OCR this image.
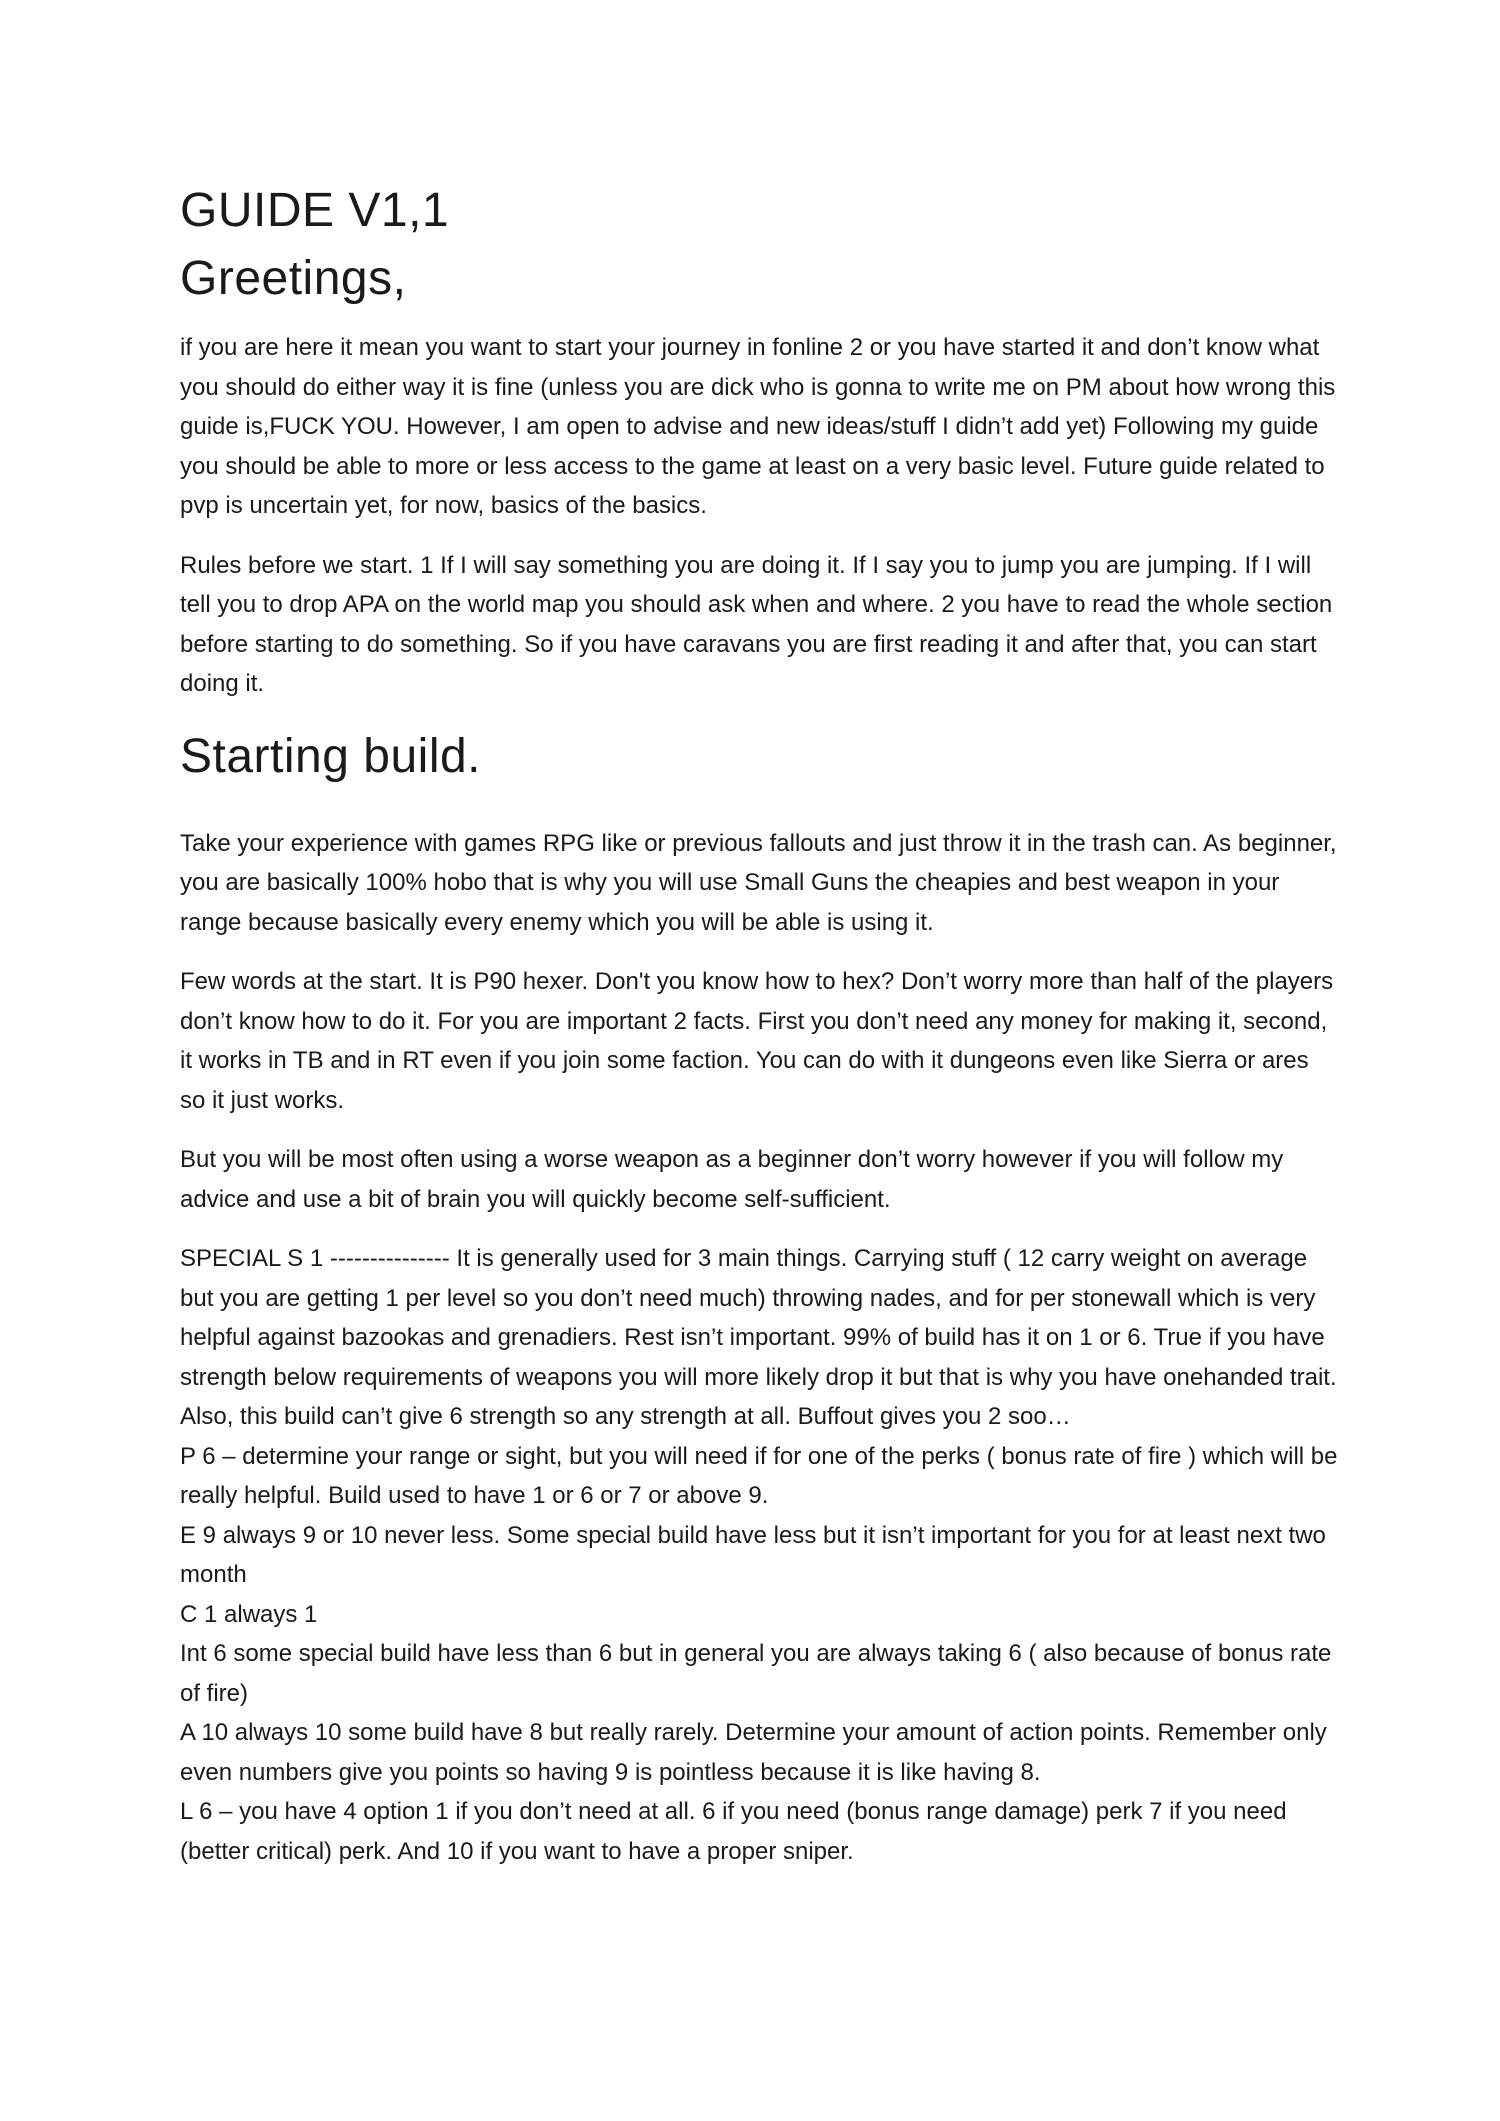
GUIDE V1,1
Greetings,

if you are here it mean you want to start your journey in fonline 2 or you have started it and don’t know what you should do either way it is fine (unless you are dick who is gonna to write me on PM about how wrong this guide is,FUCK YOU. However, I am open to advise and new ideas/stuff I didn’t add yet) Following my guide you should be able to more or less access to the game at least on a very basic level. Future guide related to pvp is uncertain yet, for now, basics of the basics.

Rules before we start. 1 If I will say something you are doing it. If I say you to jump you are jumping. If I will tell you to drop APA on the world map you should ask when and where. 2 you have to read the whole section before starting to do something. So if you have caravans you are first reading it and after that, you can start doing it.

Starting build.

Take your experience with games RPG like or previous fallouts and just throw it in the trash can. As beginner, you are basically 100% hobo that is why you will use Small Guns the cheapies and best weapon in your range because basically every enemy which you will be able is using it.

Few words at the start. It is P90 hexer. Don't you know how to hex? Don’t worry more than half of the players don’t know how to do it. For you are important 2 facts. First you don’t need any money for making it, second, it works in TB and in RT even if you join some faction. You can do with it dungeons even like Sierra or ares so it just works.

But you will be most often using a worse weapon as a beginner don’t worry however if you will follow my advice and use a bit of brain you will quickly become self-sufficient.

SPECIAL S 1 --------------- It is generally used for 3 main things. Carrying stuff ( 12 carry weight on average but you are getting 1 per level so you don’t need much) throwing nades, and for per stonewall which is very helpful against bazookas and grenadiers. Rest isn’t important. 99% of build has it on 1 or 6. True if you have strength below requirements of weapons you will more likely drop it but that is why you have onehanded trait. Also, this build can’t give 6 strength so any strength at all. Buffout gives you 2 soo…

P 6 – determine your range or sight, but you will need if for one of the perks ( bonus rate of fire ) which will be really helpful. Build used to have 1 or 6 or 7 or above 9.

E 9 always 9 or 10 never less. Some special build have less but it isn’t important for you for at least next two month

C 1 always 1

Int 6 some special build have less than 6 but in general you are always taking 6 ( also because of bonus rate of fire)

A 10 always 10 some build have 8 but really rarely. Determine your amount of action points. Remember only even numbers give you points so having 9 is pointless because it is like having 8.

L 6 – you have 4 option 1 if you don’t need at all. 6 if you need (bonus range damage) perk 7 if you need (better critical) perk. And 10 if you want to have a proper sniper.
